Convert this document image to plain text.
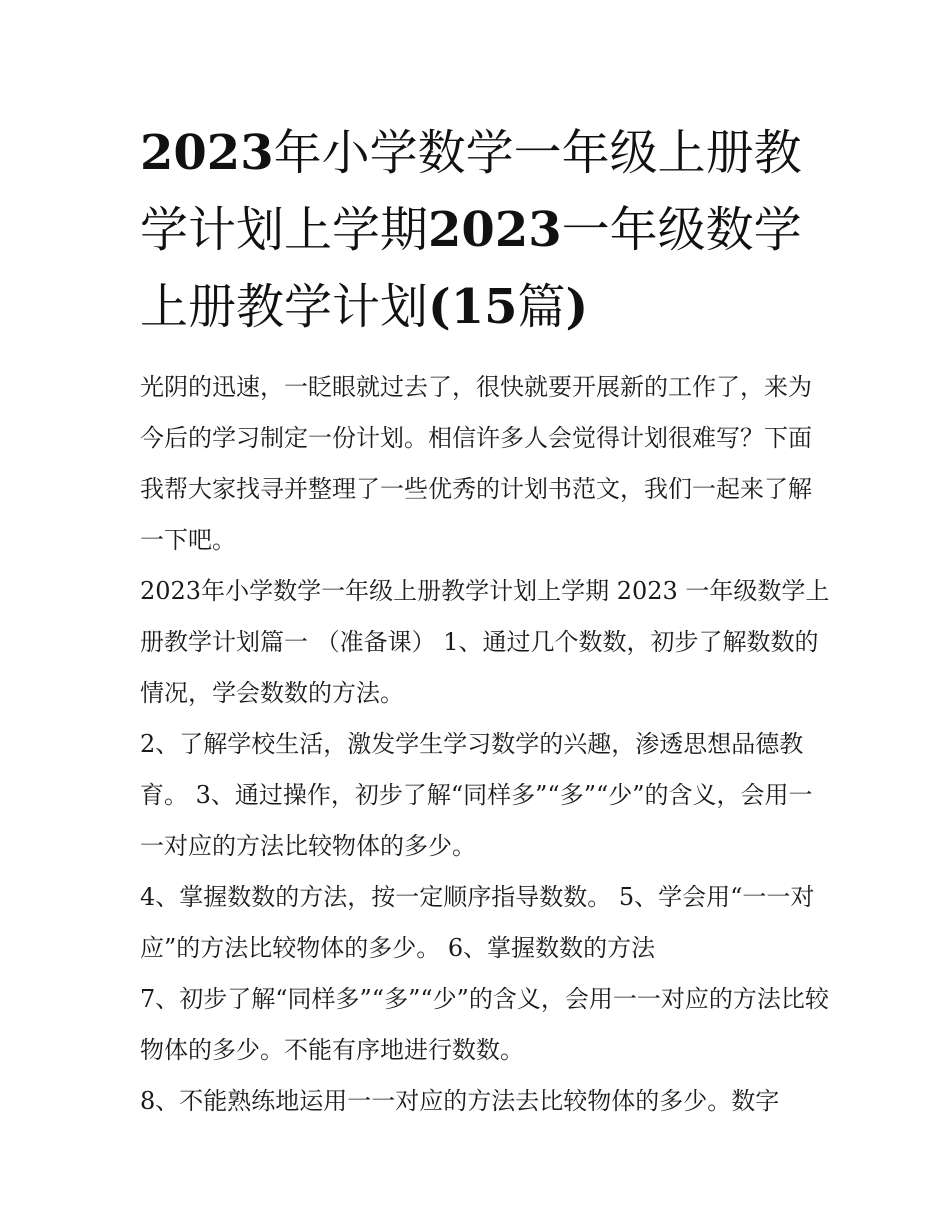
2023年小学数学一年级上册教学计划上学期2023一年级数学上册教学计划(15篇)

光阴的迅速，一眨眼就过去了，很快就要开展新的工作了，来为今后的学习制定一份计划。相信许多人会觉得计划很难写？下面我帮大家找寻并整理了一些优秀的计划书范文，我们一起来了解一下吧。

2023年小学数学一年级上册教学计划上学期 2023 一年级数学上册教学计划篇一 （准备课） 1、通过几个数数，初步了解数数的情况，学会数数的方法。

2、了解学校生活，激发学生学习数学的兴趣，渗透思想品德教育。 3、通过操作，初步了解“同样多”“多”“少”的含义，会用一一对应的方法比较物体的多少。

4、掌握数数的方法，按一定顺序指导数数。 5、学会用“一一对应”的方法比较物体的多少。 6、掌握数数的方法

7、初步了解“同样多”“多”“少”的含义，会用一一对应的方法比较物体的多少。不能有序地进行数数。

8、不能熟练地运用一一对应的方法去比较物体的多少。数字
